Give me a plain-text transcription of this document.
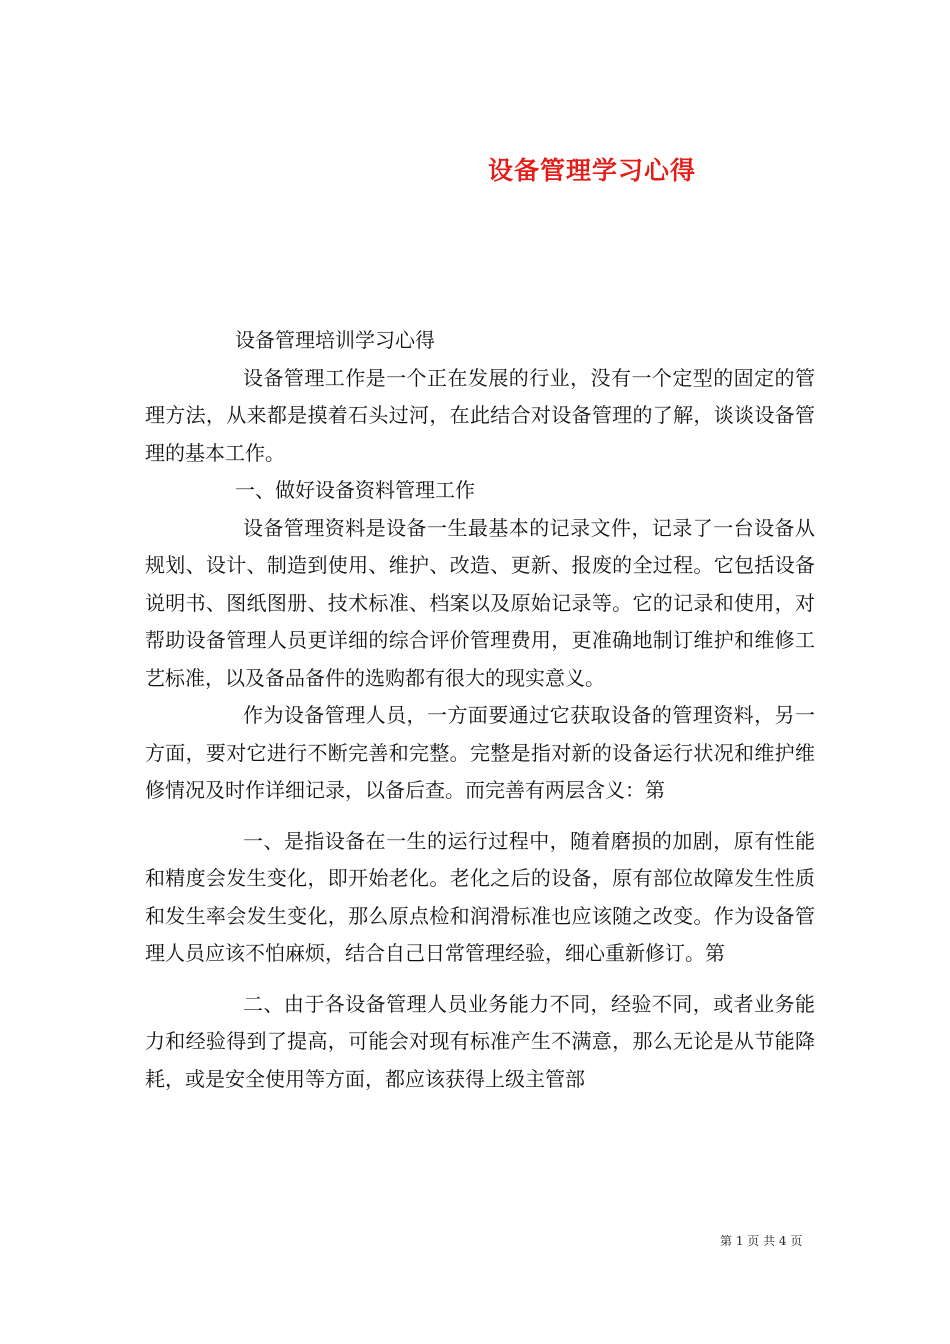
设备管理学习心得

设备管理培训学习心得

设备管理工作是一个正在发展的行业，没有一个定型的固定的管理方法，从来都是摸着石头过河，在此结合对设备管理的了解，谈谈设备管理的基本工作。

一、做好设备资料管理工作

设备管理资料是设备一生最基本的记录文件，记录了一台设备从规划、设计、制造到使用、维护、改造、更新、报废的全过程。它包括设备说明书、图纸图册、技术标准、档案以及原始记录等。它的记录和使用，对帮助设备管理人员更详细的综合评价管理费用，更准确地制订维护和维修工艺标准，以及备品备件的选购都有很大的现实意义。

作为设备管理人员，一方面要通过它获取设备的管理资料，另一方面，要对它进行不断完善和完整。完整是指对新的设备运行状况和维护维修情况及时作详细记录，以备后查。而完善有两层含义：第

一、是指设备在一生的运行过程中，随着磨损的加剧，原有性能和精度会发生变化，即开始老化。老化之后的设备，原有部位故障发生性质和发生率会发生变化，那么原点检和润滑标准也应该随之改变。作为设备管理人员应该不怕麻烦，结合自己日常管理经验，细心重新修订。第

二、由于各设备管理人员业务能力不同，经验不同，或者业务能力和经验得到了提高，可能会对现有标准产生不满意，那么无论是从节能降耗，或是安全使用等方面，都应该获得上级主管部

第 1 页 共 4 页
